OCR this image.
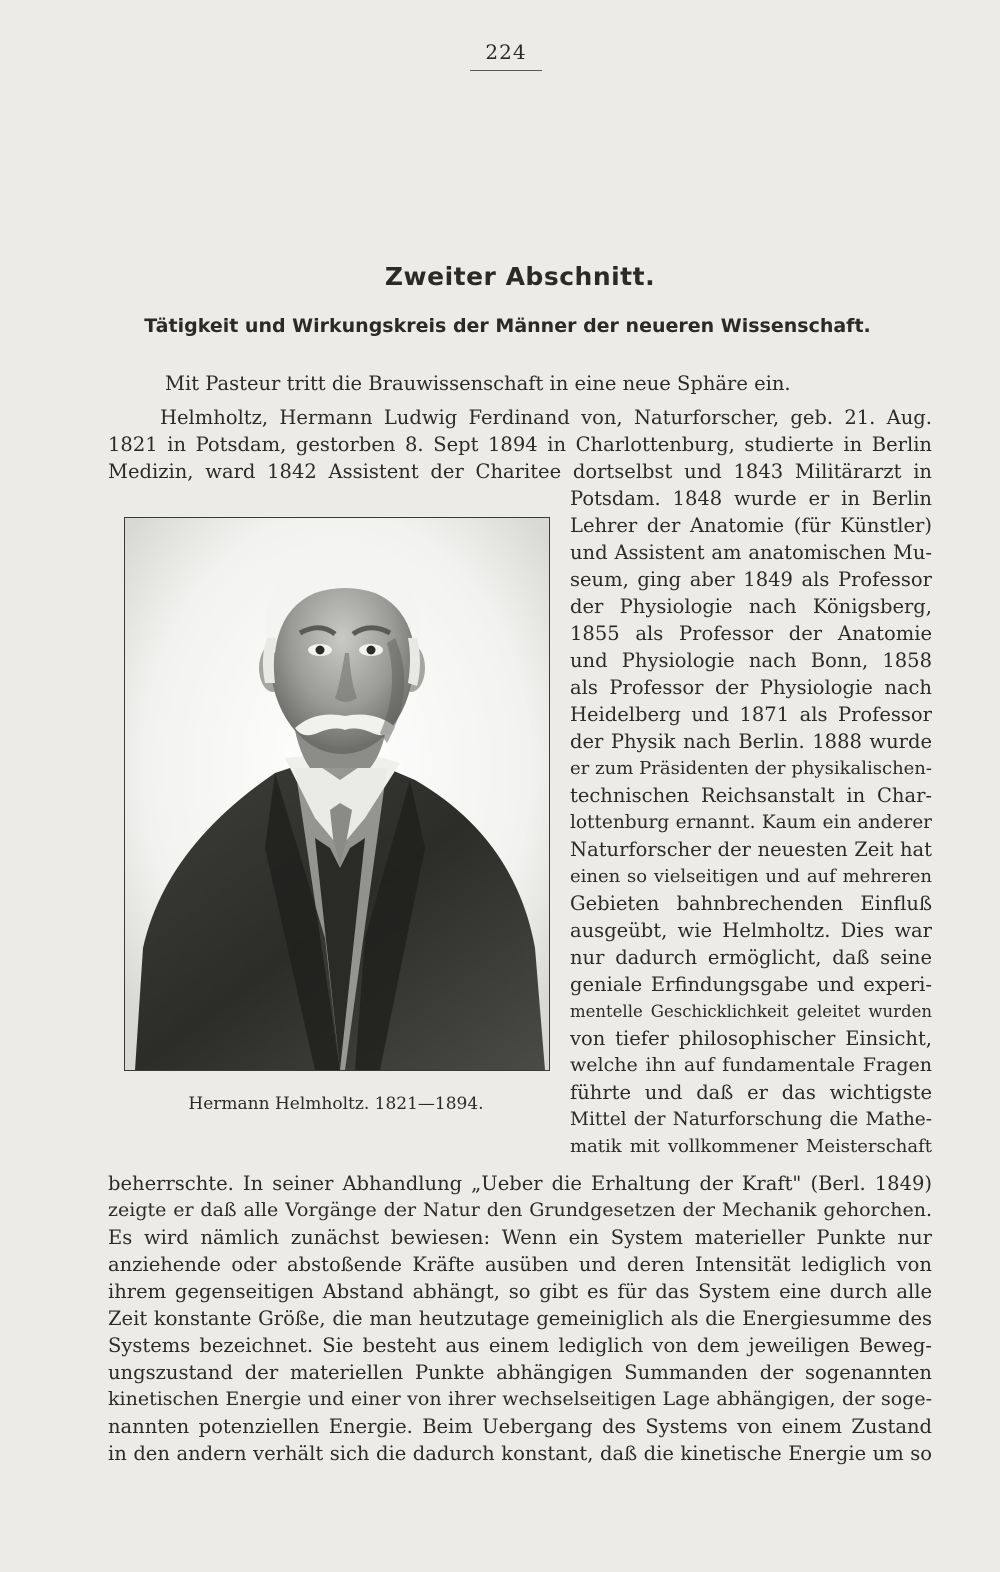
224
Zweiter Abschnitt.
Tätigkeit und Wirkungskreis der Männer der neueren Wissenschaft.
Mit Pasteur tritt die Brauwissenschaft in eine neue Sphäre ein.
Helmholtz, Hermann Ludwig Ferdinand von, Naturforscher, geb. 21. Aug.
1821 in Potsdam, gestorben 8. Sept 1894 in Charlottenburg, studierte in Berlin
Medizin, ward 1842 Assistent der Charitee dortselbst und 1843 Militärarzt in
Potsdam. 1848 wurde er in Berlin
Lehrer der Anatomie (für Künstler)
und Assistent am anatomischen Mu-
seum, ging aber 1849 als Professor
der Physiologie nach Königsberg,
1855 als Professor der Anatomie
und Physiologie nach Bonn, 1858
als Professor der Physiologie nach
Heidelberg und 1871 als Professor
der Physik nach Berlin. 1888 wurde
er zum Präsidenten der physikalischen-
technischen Reichsanstalt in Char-
lottenburg ernannt. Kaum ein anderer
Naturforscher der neuesten Zeit hat
einen so vielseitigen und auf mehreren
Gebieten bahnbrechenden Einfluß
ausgeübt, wie Helmholtz. Dies war
nur dadurch ermöglicht, daß seine
geniale Erfindungsgabe und experi-
mentelle Geschicklichkeit geleitet wurden
von tiefer philosophischer Einsicht,
welche ihn auf fundamentale Fragen
führte und daß er das wichtigste
Mittel der Naturforschung die Mathe-
matik mit vollkommener Meisterschaft
Hermann Helmholtz. 1821—1894.
beherrschte. In seiner Abhandlung „Ueber die Erhaltung der Kraft" (Berl. 1849)
zeigte er daß alle Vorgänge der Natur den Grundgesetzen der Mechanik gehorchen.
Es wird nämlich zunächst bewiesen: Wenn ein System materieller Punkte nur
anziehende oder abstoßende Kräfte ausüben und deren Intensität lediglich von
ihrem gegenseitigen Abstand abhängt, so gibt es für das System eine durch alle
Zeit konstante Größe, die man heutzutage gemeiniglich als die Energiesumme des
Systems bezeichnet. Sie besteht aus einem lediglich von dem jeweiligen Beweg-
ungszustand der materiellen Punkte abhängigen Summanden der sogenannten
kinetischen Energie und einer von ihrer wechselseitigen Lage abhängigen, der soge-
nannten potenziellen Energie. Beim Uebergang des Systems von einem Zustand
in den andern verhält sich die dadurch konstant, daß die kinetische Energie um so
